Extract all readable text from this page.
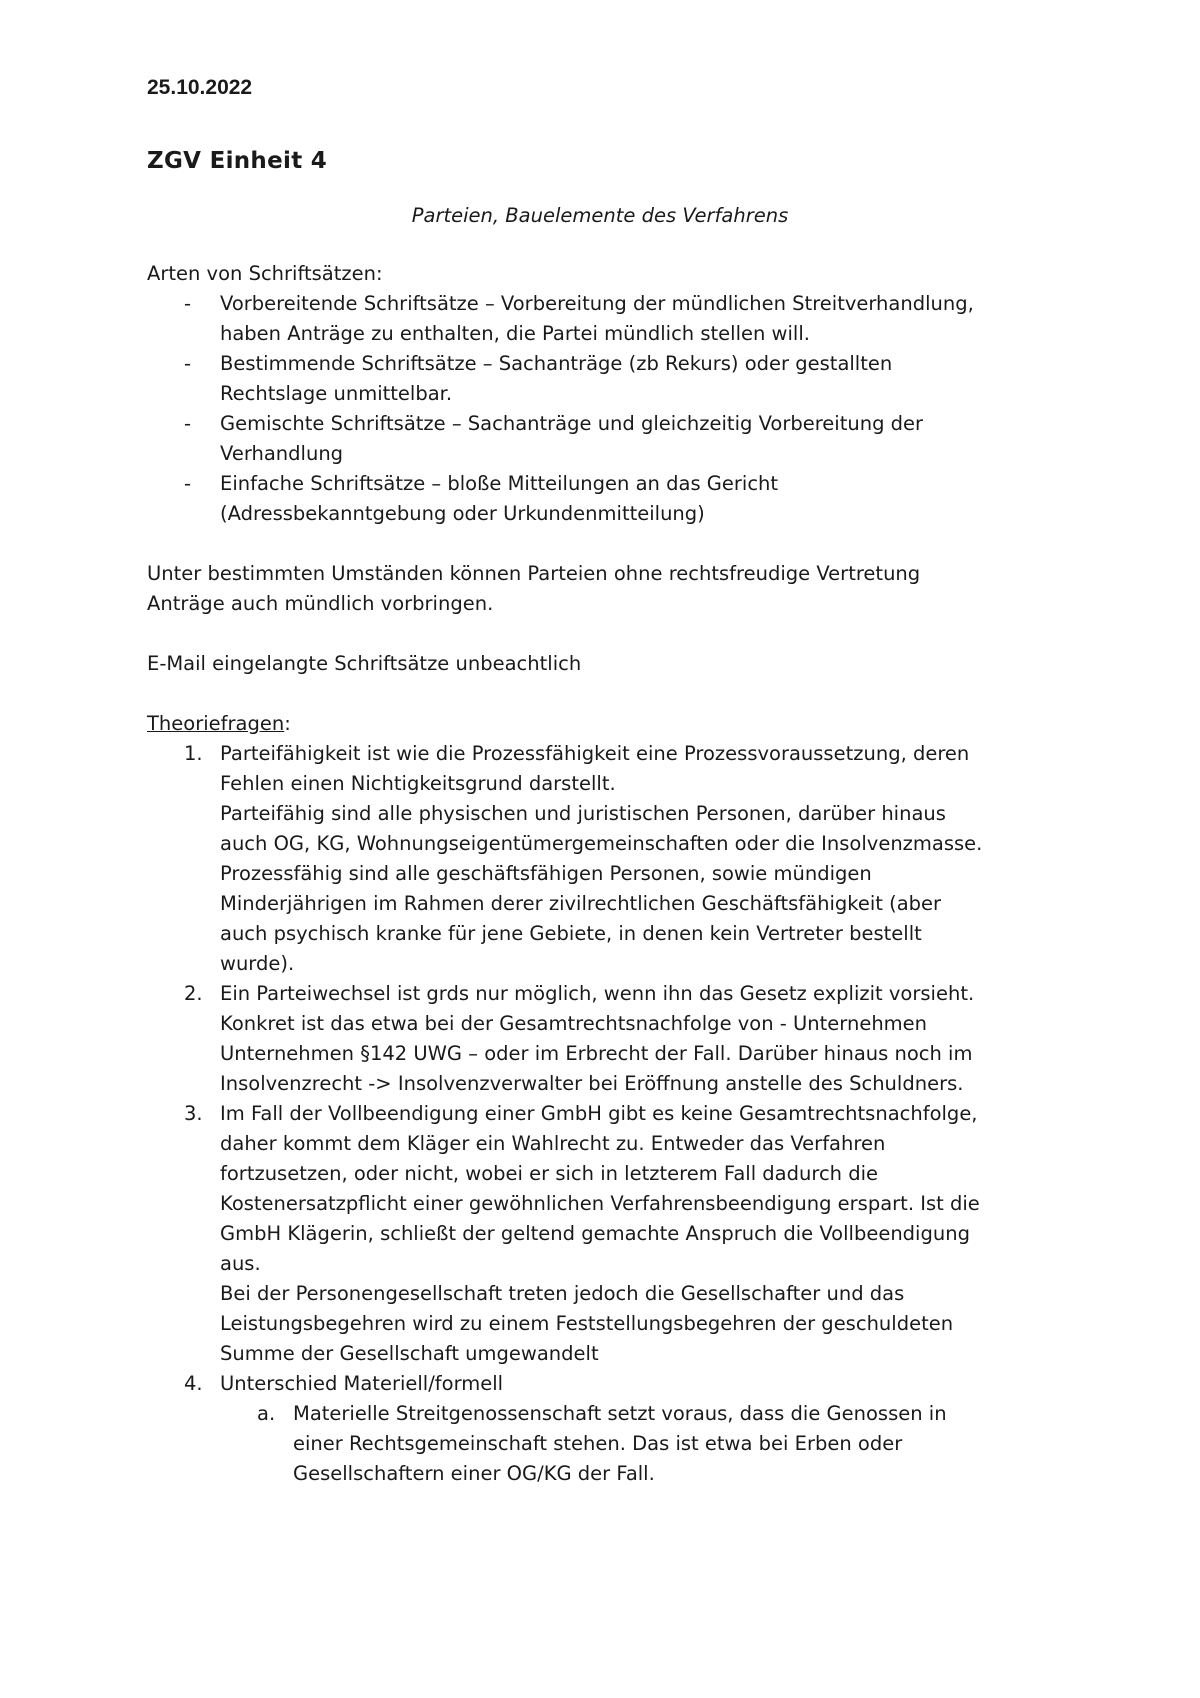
25.10.2022
ZGV Einheit 4
Parteien, Bauelemente des Verfahrens

Arten von Schriftsätzen:

- Vorbereitende Schriftsätze – Vorbereitung der mündlichen Streitverhandlung,
haben Anträge zu enthalten, die Partei mündlich stellen will.
- Bestimmende Schriftsätze – Sachanträge (zb Rekurs) oder gestallten
Rechtslage unmittelbar.
- Gemischte Schriftsätze – Sachanträge und gleichzeitig Vorbereitung der
Verhandlung
- Einfache Schriftsätze – bloße Mitteilungen an das Gericht
(Adressbekanntgebung oder Urkundenmitteilung)

Unter bestimmten Umständen können Parteien ohne rechtsfreudige Vertretung

Anträge auch mündlich vorbringen.

E-Mail eingelangte Schriftsätze unbeachtlich

Theoriefragen:

1. Parteifähigkeit ist wie die Prozessfähigkeit eine Prozessvoraussetzung, deren
Fehlen einen Nichtigkeitsgrund darstellt.
Parteifähig sind alle physischen und juristischen Personen, darüber hinaus
auch OG, KG, Wohnungseigentümergemeinschaften oder die Insolvenzmasse.
Prozessfähig sind alle geschäftsfähigen Personen, sowie mündigen
Minderjährigen im Rahmen derer zivilrechtlichen Geschäftsfähigkeit (aber
auch psychisch kranke für jene Gebiete, in denen kein Vertreter bestellt
wurde).
2. Ein Parteiwechsel ist grds nur möglich, wenn ihn das Gesetz explizit vorsieht.
Konkret ist das etwa bei der Gesamtrechtsnachfolge von - Unternehmen
Unternehmen §142 UWG – oder im Erbrecht der Fall. Darüber hinaus noch im
Insolvenzrecht -> Insolvenzverwalter bei Eröffnung anstelle des Schuldners.
3. Im Fall der Vollbeendigung einer GmbH gibt es keine Gesamtrechtsnachfolge,
daher kommt dem Kläger ein Wahlrecht zu. Entweder das Verfahren
fortzusetzen, oder nicht, wobei er sich in letzterem Fall dadurch die
Kostenersatzpflicht einer gewöhnlichen Verfahrensbeendigung erspart. Ist die
GmbH Klägerin, schließt der geltend gemachte Anspruch die Vollbeendigung
aus.
Bei der Personengesellschaft treten jedoch die Gesellschafter und das
Leistungsbegehren wird zu einem Feststellungsbegehren der geschuldeten
Summe der Gesellschaft umgewandelt
4. Unterschied Materiell/formell
a. Materielle Streitgenossenschaft setzt voraus, dass die Genossen in
einer Rechtsgemeinschaft stehen. Das ist etwa bei Erben oder
Gesellschaftern einer OG/KG der Fall.
